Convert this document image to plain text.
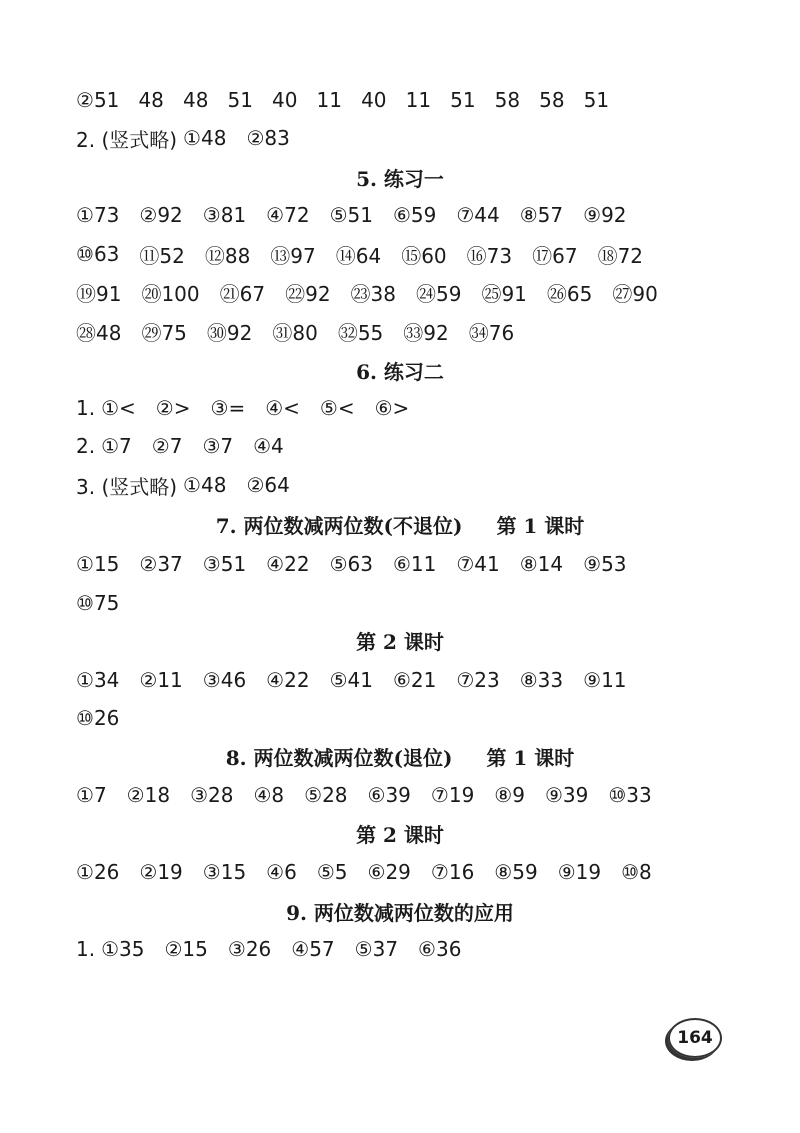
②51   48   48   51   40   11   40   11   51   58   58   51
2. (竖式略) ①48 ②83
5. 练习一
①73 ②92 ③81 ④72 ⑤51 ⑥59 ⑦44 ⑧57 ⑨92
⑩63 ⑪52 ⑫88 ⑬97 ⑭64 ⑮60 ⑯73 ⑰67 ⑱72
⑲91 ⑳100 ㉑67 ㉒92 ㉓38 ㉔59 ㉕91 ㉖65 ㉗90
㉘48 ㉙75 ㉚92 ㉛80 ㉜55 ㉝92 ㉞76
6. 练习二
1. ①< ②> ③= ④< ⑤< ⑥>
2. ①7 ②7 ③7 ④4
3. (竖式略) ①48 ②64
7. 两位数减两位数(不退位) 第 1 课时
①15 ②37 ③51 ④22 ⑤63 ⑥11 ⑦41 ⑧14 ⑨53
⑩75
第 2 课时
①34 ②11 ③46 ④22 ⑤41 ⑥21 ⑦23 ⑧33 ⑨11
⑩26
8. 两位数减两位数(退位) 第 1 课时
①7 ②18 ③28 ④8 ⑤28 ⑥39 ⑦19 ⑧9 ⑨39 ⑩33
第 2 课时
①26 ②19 ③15 ④6 ⑤5 ⑥29 ⑦16 ⑧59 ⑨19 ⑩8
9. 两位数减两位数的应用
1. ①35 ②15 ③26 ④57 ⑤37 ⑥36
164
